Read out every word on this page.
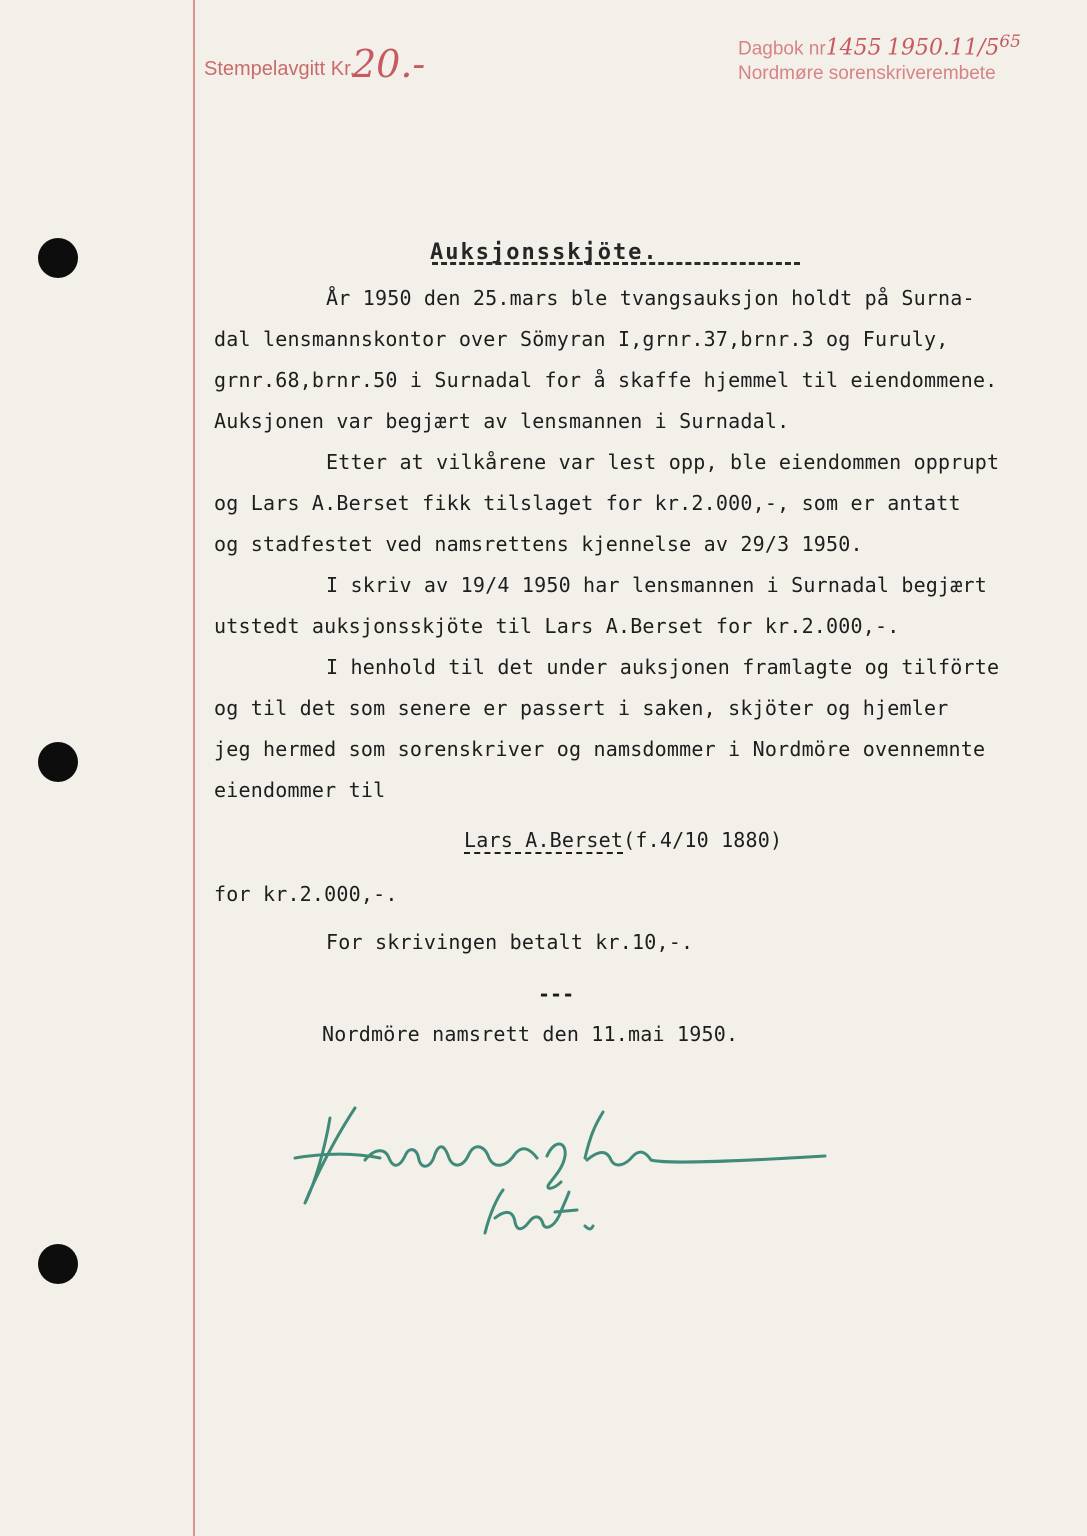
Stempelavgitt Kr.
20.-	Dagbok nr1455 1950.11/565
Nordmøre sorenskriverembete
Auksjonsskjöte.
År 1950 den 25.mars ble tvangsauksjon holdt på Surna-
dal lensmannskontor over Sömyran I,grnr.37,brnr.3 og Furuly,
grnr.68,brnr.50 i Surnadal for å skaffe hjemmel til eiendommene.
Auksjonen var begjært av lensmannen i Surnadal.
Etter at vilkårene var lest opp, ble eiendommen opprupt
og Lars A.Berset fikk tilslaget for kr.2.000,-, som er antatt
og stadfestet ved namsrettens kjennelse av 29/3 1950.
I skriv av 19/4 1950 har lensmannen i Surnadal begjært
utstedt auksjonsskjöte til Lars A.Berset for kr.2.000,-.
I henhold til det under auksjonen framlagte og tilförte
og til det som senere er passert i saken, skjöter og hjemler
jeg hermed som sorenskriver og namsdommer i Nordmöre ovennemnte
eiendommer til
Lars A.Berset(f.4/10 1880)
for kr.2.000,-.
For skrivingen betalt kr.10,-.
---
Nordmöre namsrett den 11.mai 1950.
